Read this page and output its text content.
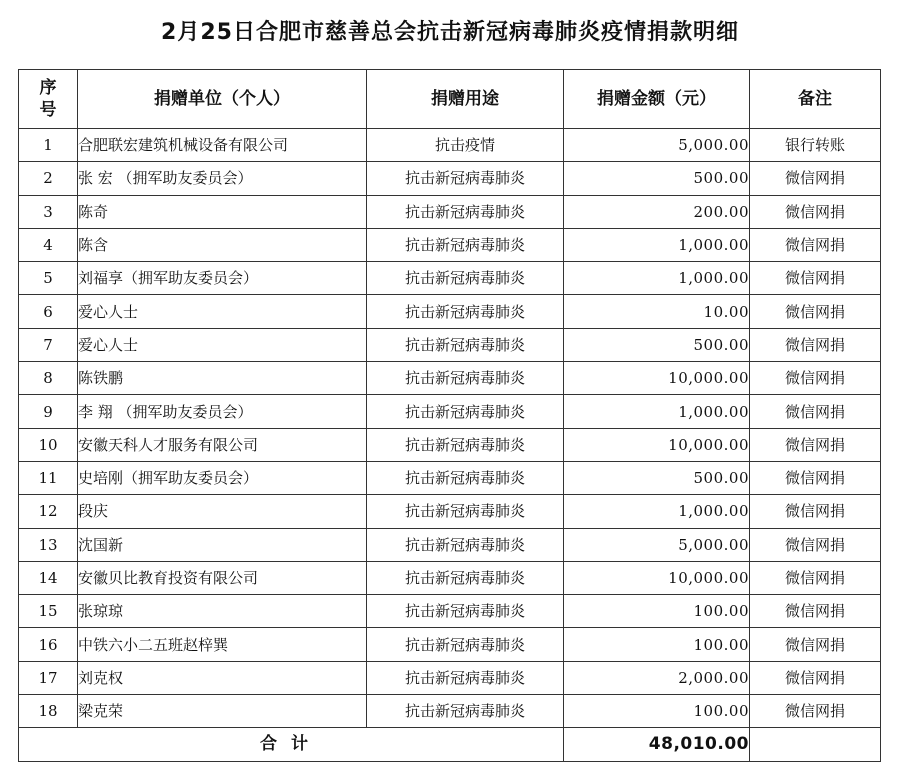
2月25日合肥市慈善总会抗击新冠病毒肺炎疫情捐款明细
序
号	捐赠单位（个人）	捐赠用途	捐赠金额（元）	备注
1	合肥联宏建筑机械设备有限公司	抗击疫情	5,000.00	银行转账
2	张 宏 （拥军助友委员会）	抗击新冠病毒肺炎	500.00	微信网捐
3	陈奇	抗击新冠病毒肺炎	200.00	微信网捐
4	陈含	抗击新冠病毒肺炎	1,000.00	微信网捐
5	刘福享（拥军助友委员会）	抗击新冠病毒肺炎	1,000.00	微信网捐
6	爱心人士	抗击新冠病毒肺炎	10.00	微信网捐
7	爱心人士	抗击新冠病毒肺炎	500.00	微信网捐
8	陈铁鹏	抗击新冠病毒肺炎	10,000.00	微信网捐
9	李 翔 （拥军助友委员会）	抗击新冠病毒肺炎	1,000.00	微信网捐
10	安徽天科人才服务有限公司	抗击新冠病毒肺炎	10,000.00	微信网捐
11	史培刚（拥军助友委员会）	抗击新冠病毒肺炎	500.00	微信网捐
12	段庆	抗击新冠病毒肺炎	1,000.00	微信网捐
13	沈国新	抗击新冠病毒肺炎	5,000.00	微信网捐
14	安徽贝比教育投资有限公司	抗击新冠病毒肺炎	10,000.00	微信网捐
15	张琼琼	抗击新冠病毒肺炎	100.00	微信网捐
16	中铁六小二五班赵梓巽	抗击新冠病毒肺炎	100.00	微信网捐
17	刘克权	抗击新冠病毒肺炎	2,000.00	微信网捐
18	梁克荣	抗击新冠病毒肺炎	100.00	微信网捐
合计			48,010.00	
